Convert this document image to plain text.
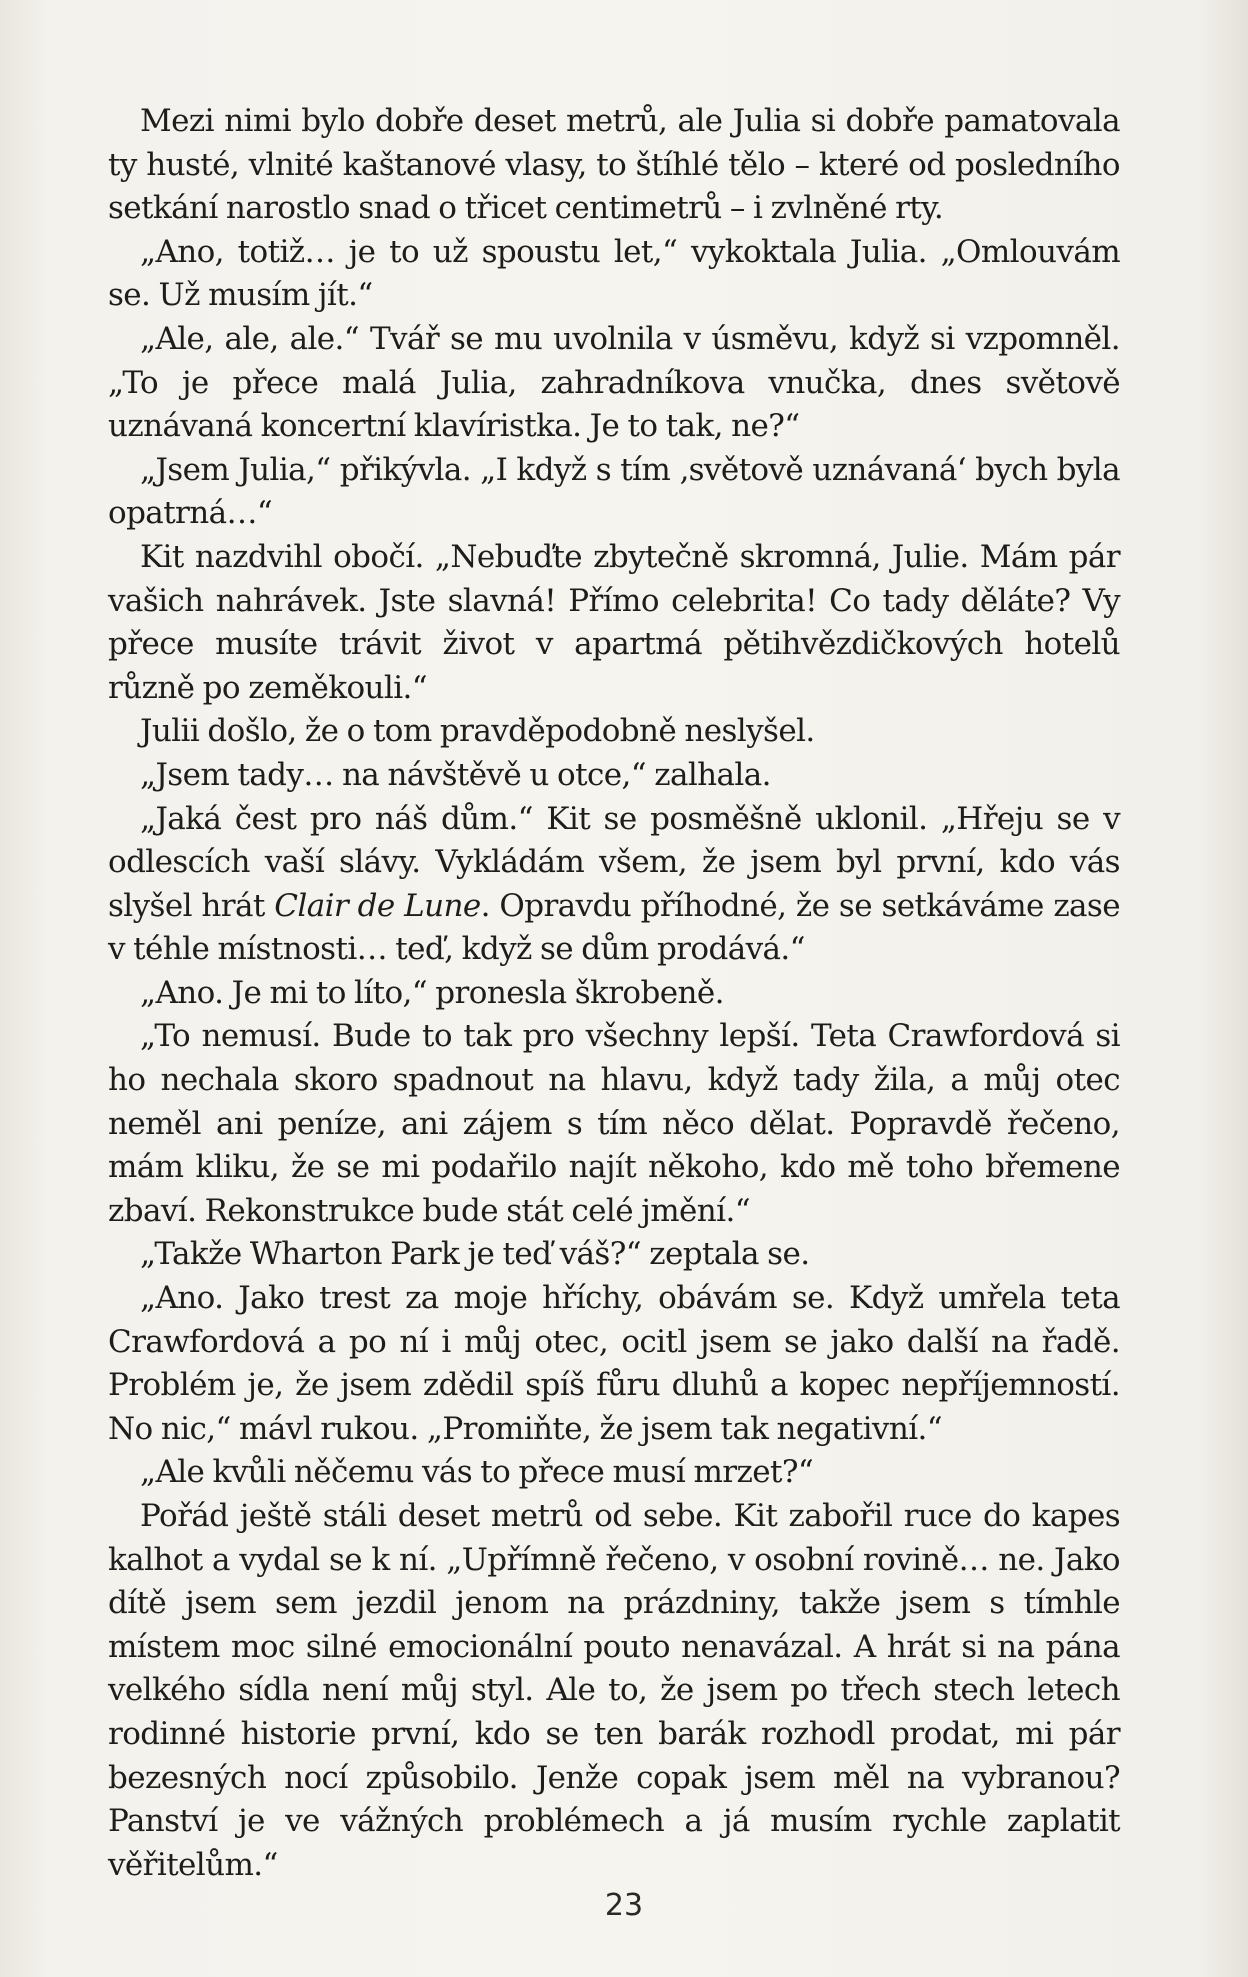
Mezi nimi bylo dobře deset metrů, ale Julia si dobře pamatovala ty husté, vlnité kaštanové vlasy, to štíhlé tělo – které od posledního setkání narostlo snad o třicet centimetrů – i zvlněné rty.

„Ano, totiž… je to už spoustu let,“ vykoktala Julia. „Omlouvám se. Už musím jít.“

„Ale, ale, ale.“ Tvář se mu uvolnila v úsměvu, když si vzpomněl. „To je přece malá Julia, zahradníkova vnučka, dnes světově uznávaná koncertní klavíristka. Je to tak, ne?“

„Jsem Julia,“ přikývla. „I když s tím ‚světově uznávaná‘ bych byla opatrná…“

Kit nazdvihl obočí. „Nebuďte zbytečně skromná, Julie. Mám pár vašich nahrávek. Jste slavná! Přímo celebrita! Co tady děláte? Vy přece musíte trávit život v apartmá pětihvězdičkových hotelů různě po zeměkouli.“

Julii došlo, že o tom pravděpodobně neslyšel.

„Jsem tady… na návštěvě u otce,“ zalhala.

„Jaká čest pro náš dům.“ Kit se posměšně uklonil. „Hřeju se v odlescích vaší slávy. Vykládám všem, že jsem byl první, kdo vás slyšel hrát Clair de Lune. Opravdu příhodné, že se setkáváme zase v téhle místnosti… teď, když se dům prodává.“

„Ano. Je mi to líto,“ pronesla škrobeně.

„To nemusí. Bude to tak pro všechny lepší. Teta Crawfordová si ho nechala skoro spadnout na hlavu, když tady žila, a můj otec neměl ani peníze, ani zájem s tím něco dělat. Popravdě řečeno, mám kliku, že se mi podařilo najít někoho, kdo mě toho břemene zbaví. Rekonstrukce bude stát celé jmění.“

„Takže Wharton Park je teď váš?“ zeptala se.

„Ano. Jako trest za moje hříchy, obávám se. Když umřela teta Crawfordová a po ní i můj otec, ocitl jsem se jako další na řadě. Problém je, že jsem zdědil spíš fůru dluhů a kopec nepříjemností. No nic,“ mávl rukou. „Promiňte, že jsem tak negativní.“

„Ale kvůli něčemu vás to přece musí mrzet?“

Pořád ještě stáli deset metrů od sebe. Kit zabořil ruce do kapes kalhot a vydal se k ní. „Upřímně řečeno, v osobní rovině… ne. Jako dítě jsem sem jezdil jenom na prázdniny, takže jsem s tímhle místem moc silné emocionální pouto nenavázal. A hrát si na pána velkého sídla není můj styl. Ale to, že jsem po třech stech letech rodinné historie první, kdo se ten barák rozhodl prodat, mi pár bezesných nocí způsobilo. Jenže copak jsem měl na vybranou? Panství je ve vážných problémech a já musím rychle zaplatit věřitelům.“

23
